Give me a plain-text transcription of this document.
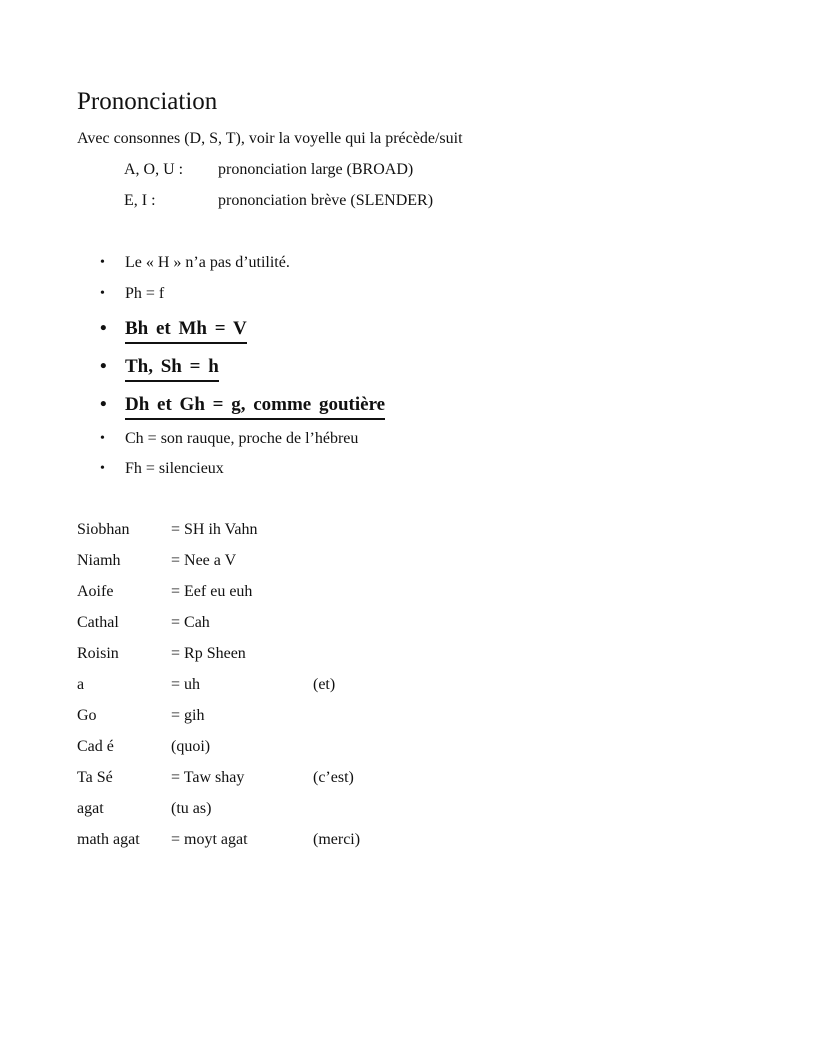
Prononciation
Avec consonnes (D, S, T), voir la voyelle qui la précède/suit
A, O, U : prononciation large (BROAD)
E, I :	prononciation brève (SLENDER)
• Le « H » n’a pas d’utilité.
• Ph = f
• Bh et Mh = V
• Th, Sh = h
• Dh et Gh = g, comme goutière
• Ch = son rauque, proche de l’hébreu
• Fh = silencieux
Siobhan	= SH ih Vahn
Niamh	= Nee a V
Aoife	= Eef eu euh
Cathal	= Cah
Roisin	= Rp Sheen
a	= uh	(et)
Go	= gih
Cad é	(quoi)
Ta Sé	= Taw shay	(c’est)
agat	(tu as)
math agat = moyt agat	(merci)
